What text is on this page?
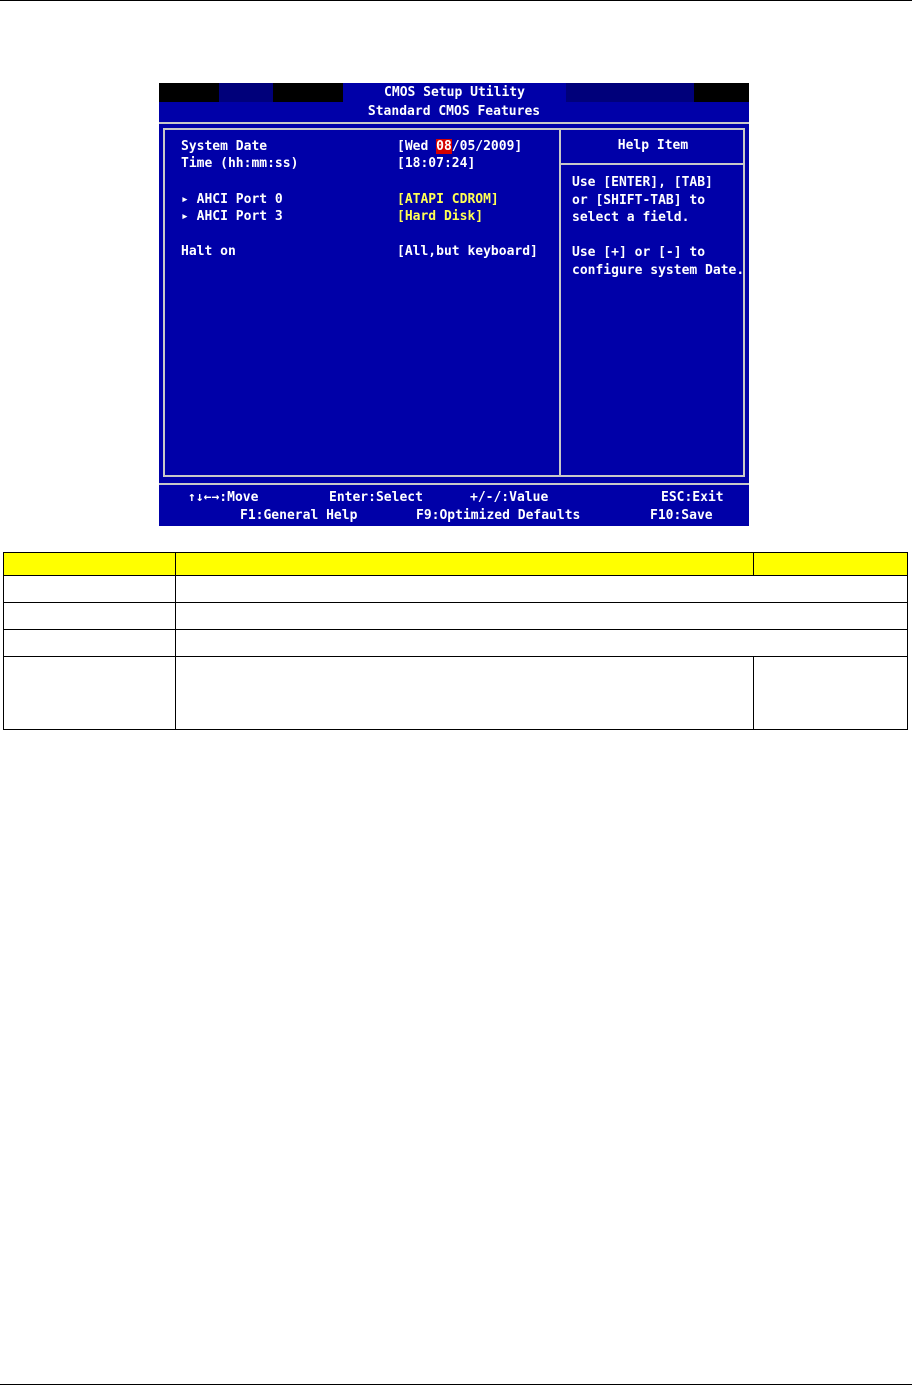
CMOS Setup Utility
Standard CMOS Features
System Date	[Wed 08/05/2009]
Time (hh:mm:ss)	[18:07:24]
▸ AHCI Port 0	[ATAPI CDROM]
▸ AHCI Port 3	[Hard Disk]
Halt on	[All,but keyboard]
Help Item
Use [ENTER], [TAB]
or [SHIFT-TAB] to
select a field.
Use [+] or [-] to
configure system Date.
↑↓←→:Move	Enter:Select	+/-/:Value	ESC:Exit
F1:General Help	F9:Optimized Defaults	F10:Save
